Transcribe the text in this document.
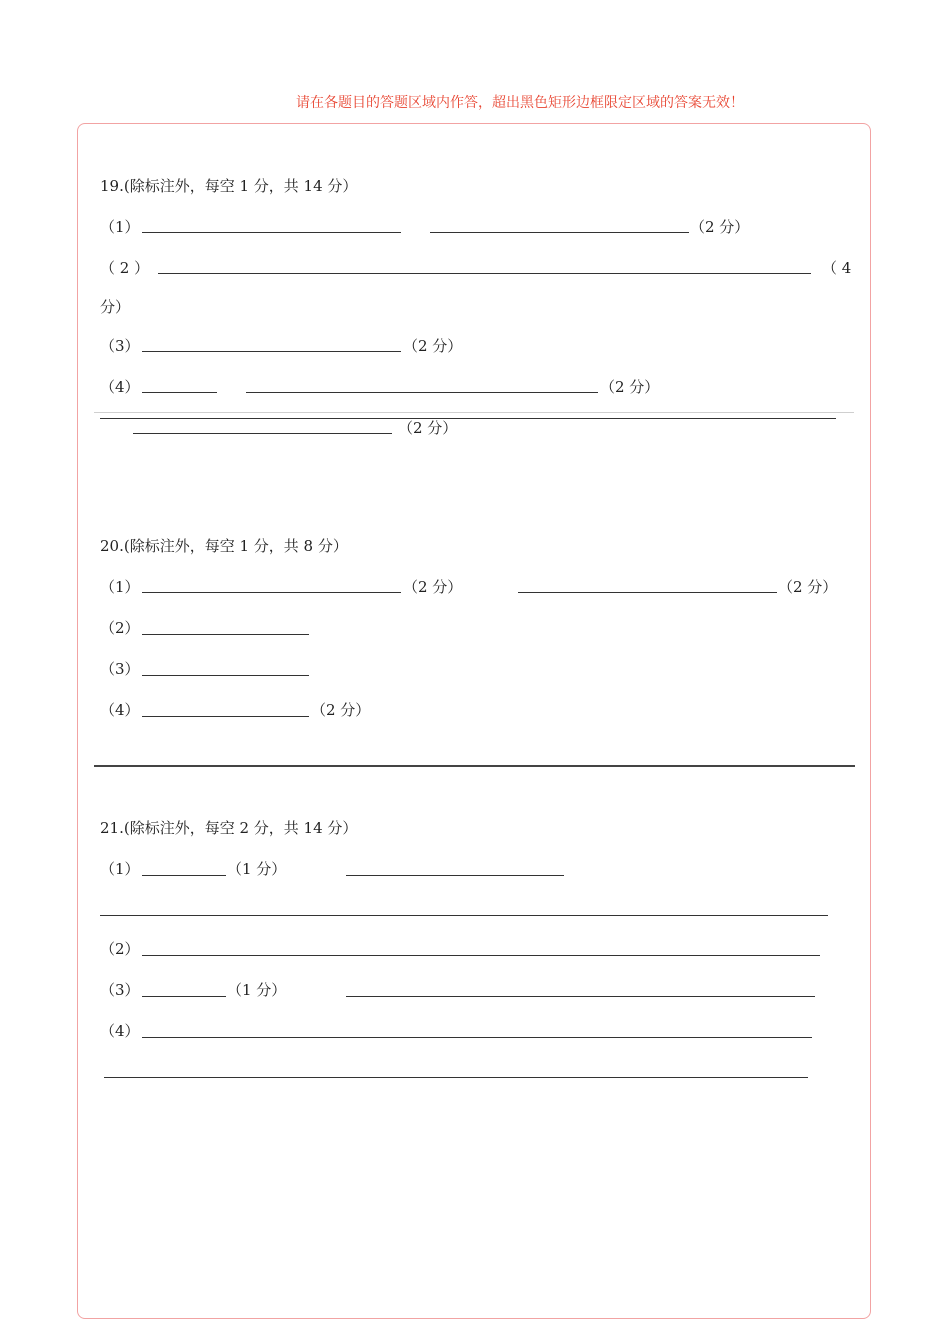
请在各题目的答题区域内作答，超出黑色矩形边框限定区域的答案无效！
19.(除标注外，每空 1 分，共 14 分）
（1）	（2 分）
（ 2 ）	（ 4
分）
（3）	（2 分）
（4）	（2 分）
（2 分）
20.(除标注外，每空 1 分，共 8 分）
（1）	（2 分）	（2 分）
（2）
（3）
（4）	（2 分）
21.(除标注外，每空 2 分，共 14 分）
（1）	（1 分）
（2）
（3）	（1 分）
（4）
